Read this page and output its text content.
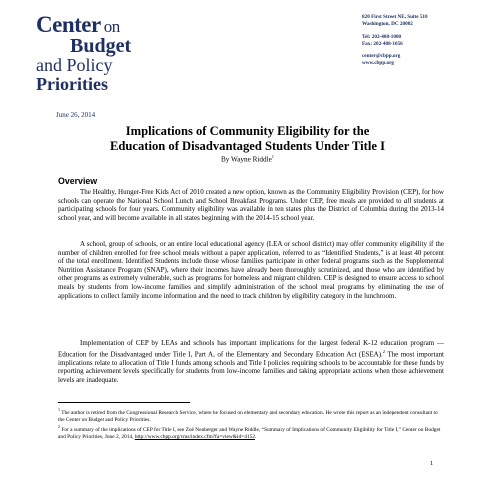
Center on
Budget
and Policy
Priorities
820 First Street NE, Suite 510
Washington, DC 20002
Tel: 202-408-1080
Fax: 202-408-1056
center@cbpp.org
www.cbpp.org
June 26, 2014
Implications of Community Eligibility for the
Education of Disadvantaged Students Under Title I
By Wayne Riddle$^1$
Overview
The Healthy, Hunger-Free Kids Act of 2010 created a new option, known as the Community Eligibility Provision (CEP), for how schools can operate the National School Lunch and School Breakfast Programs. Under CEP, free meals are provided to all students at participating schools for four years. Community eligibility was available in ten states plus the District of Columbia during the 2013-14 school year, and will become available in all states beginning with the 2014-15 school year.
A school, group of schools, or an entire local educational agency (LEA or school district) may offer community eligibility if the number of children enrolled for free school meals without a paper application, referred to as “Identified Students,” is at least 40 percent of the total enrollment. Identified Students include those whose families participate in other federal programs such as the Supplemental Nutrition Assistance Program (SNAP), where their incomes have already been thoroughly scrutinized, and those who are identified by other programs as extremely vulnerable, such as programs for homeless and migrant children. CEP is designed to ensure access to school meals by students from low-income families and simplify administration of the school meal programs by eliminating the use of applications to collect family income information and the need to track children by eligibility category in the lunchroom.
Implementation of CEP by LEAs and schools has important implications for the largest federal K-12 education program — Education for the Disadvantaged under Title I, Part A, of the Elementary and Secondary Education Act (ESEA).$^2$ The most important implications relate to allocation of Title I funds among schools and Title I policies requiring schools to be accountable for these funds by reporting achievement levels specifically for students from low-income families and taking appropriate actions when those achievement levels are inadequate.
$^1$ The author is retired from the Congressional Research Service, where he focused on elementary and secondary education. He wrote this report as an independent consultant to the Center on Budget and Policy Priorities.
$^2$ For a summary of the implications of CEP for Title I, see Zoë Neuberger and Wayne Riddle, “Summary of Implications of Community Eligibility for Title I,” Center on Budget and Policy Priorities, June 2, 2014, http://www.cbpp.org/cms/index.cfm?fa=view&id=4152.
1
